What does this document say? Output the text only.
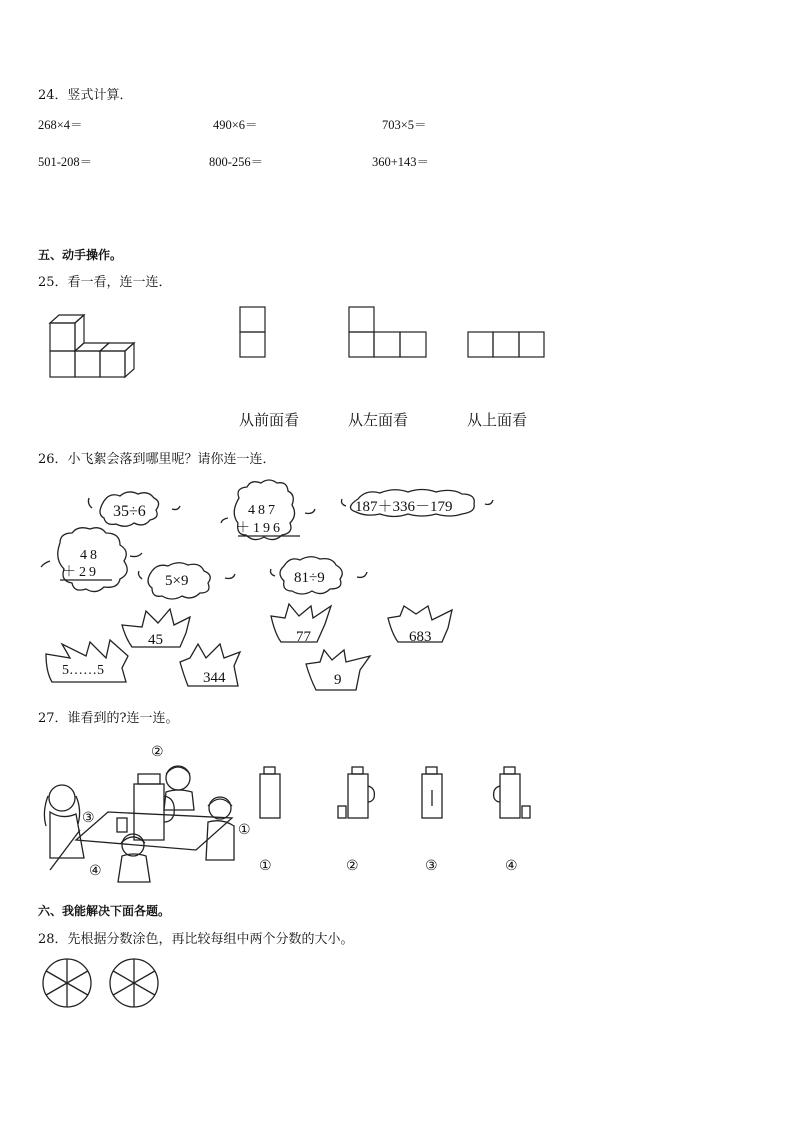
24．竖式计算．
268×4＝	490×6＝	703×5＝
501-208＝	800-256＝	360+143＝
五、动手操作。
25．看一看，连一连．
从前面看	从左面看	从上面看
26．小飞絮会落到哪里呢？请你连一连．
35÷6	487
＋196
187＋336－179
48
＋29
5×9	81÷9
5……5
45
344
77
9
683
27．谁看到的?连一连。
②
③
①
④	①	②	③	④
六、我能解决下面各题。
28．先根据分数涂色，再比较每组中两个分数的大小。
